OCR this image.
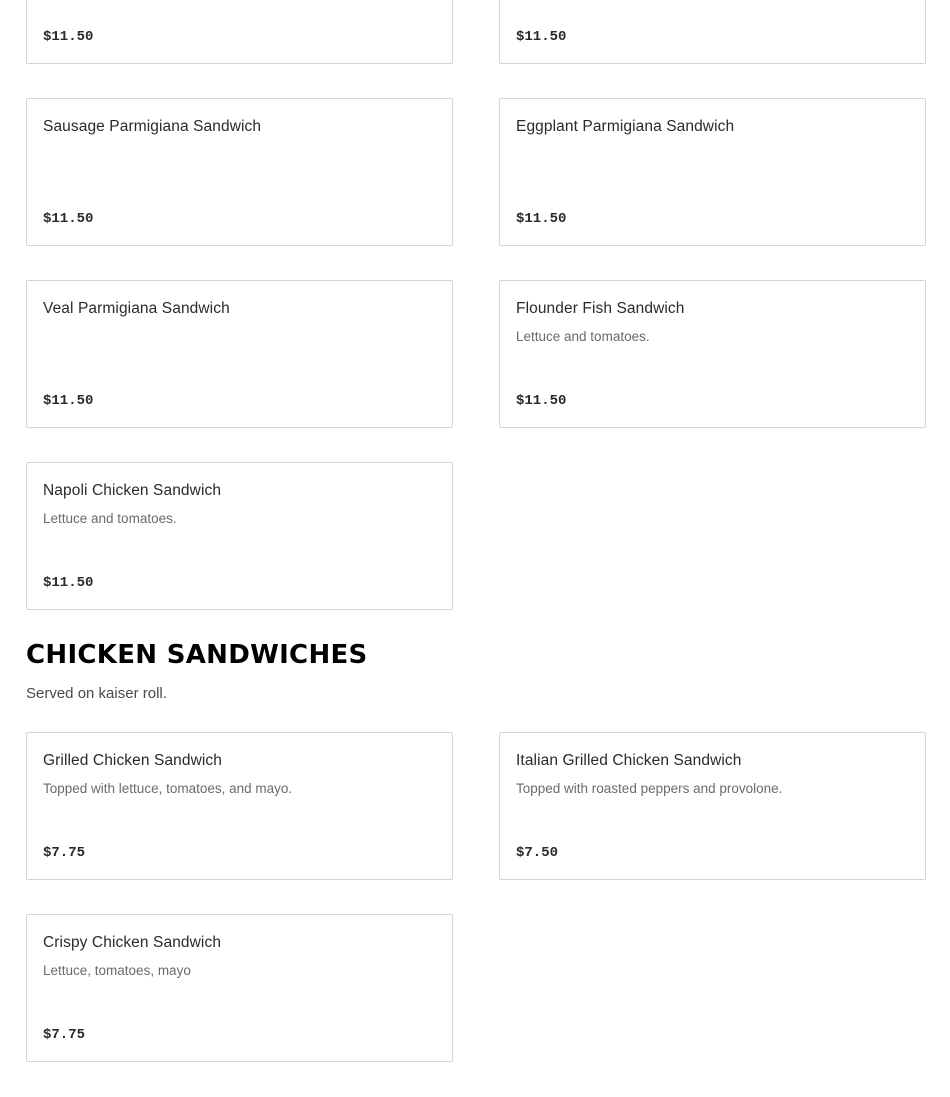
$11.50	$11.50
Sausage Parmigiana Sandwich
$11.50
Eggplant Parmigiana Sandwich
$11.50
Veal Parmigiana Sandwich
$11.50
Flounder Fish Sandwich
Lettuce and tomatoes.
$11.50
Napoli Chicken Sandwich
Lettuce and tomatoes.
$11.50
CHICKEN SANDWICHES

Served on kaiser roll.

Grilled Chicken Sandwich
Topped with lettuce, tomatoes, and mayo.
$7.75
Italian Grilled Chicken Sandwich
Topped with roasted peppers and provolone.
$7.50
Crispy Chicken Sandwich
Lettuce, tomatoes, mayo
$7.75
